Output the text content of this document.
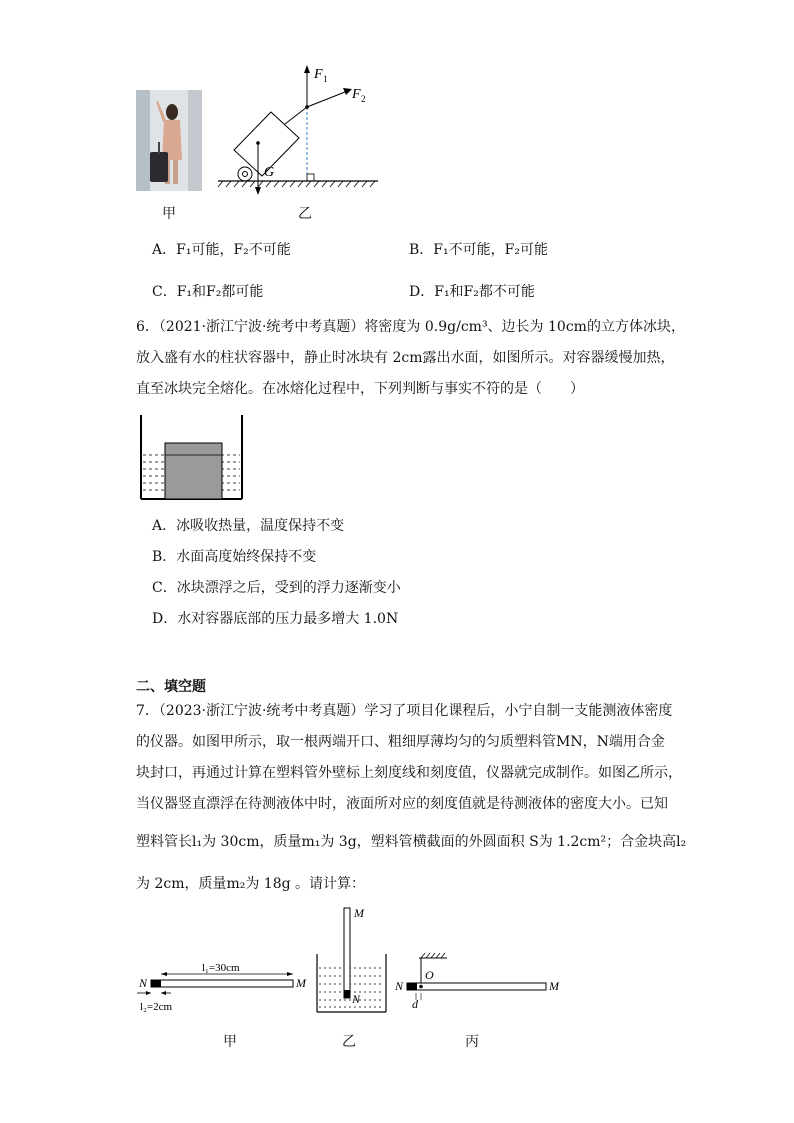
F 1
F 2
G
甲	乙
A．F₁可能，F₂不可能	B．F₁不可能，F₂可能
C．F₁和F₂都可能	D．F₁和F₂都不可能
6．（2021·浙江宁波·统考中考真题）将密度为 0.9g/cm³、边长为 10cm的立方体冰块，
放入盛有水的柱状容器中，静止时冰块有 2cm露出水面，如图所示。对容器缓慢加热，
直至冰块完全熔化。在冰熔化过程中，下列判断与事实不符的是（　　）
A．冰吸收热量，温度保持不变
B．水面高度始终保持不变
C．冰块漂浮之后，受到的浮力逐渐变小
D．水对容器底部的压力最多增大 1.0N
二、填空题
7．（2023·浙江宁波·统考中考真题）学习了项目化课程后，小宁自制一支能测液体密度
的仪器。如图甲所示，取一根两端开口、粗细厚薄均匀的匀质塑料管MN，N端用合金
块封口，再通过计算在塑料管外壁标上刻度线和刻度值，仪器就完成制作。如图乙所示，
当仪器竖直漂浮在待测液体中时，液面所对应的刻度值就是待测液体的密度大小。已知
塑料管长l₁为 30cm，质量m₁为 3g，塑料管横截面的外圆面积 S为 1.2cm²；合金块高l₂
为 2cm，质量m₂为 18g 。请计算：
N	M
l₁=30cm
l₂=2cm
M
N
N	M
O
d
甲	乙	丙
